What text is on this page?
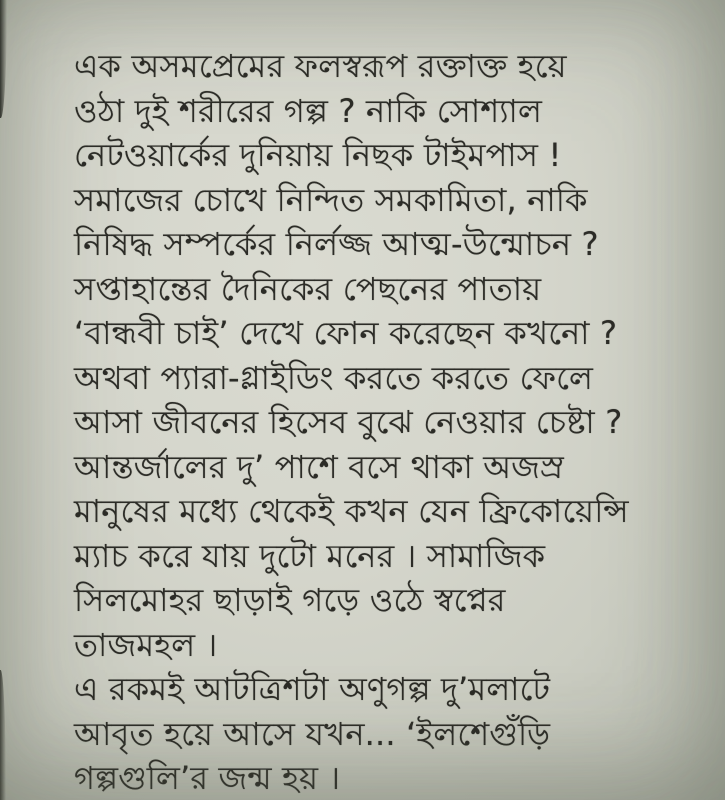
এক অসমপ্রেমের ফলস্বরূপ রক্তাক্ত হয়ে
ওঠা দুই শরীরের গল্প ? নাকি সোশ্যাল
নেটওয়ার্কের দুনিয়ায় নিছক টাইমপাস !
সমাজের চোখে নিন্দিত সমকামিতা, নাকি
নিষিদ্ধ সম্পর্কের নির্লজ্জ আত্ম-উন্মোচন ?
সপ্তাহান্তের দৈনিকের পেছনের পাতায়
‘বান্ধবী চাই’ দেখে ফোন করেছেন কখনো ?
অথবা প্যারা-গ্লাইডিং করতে করতে ফেলে
আসা জীবনের হিসেব বুঝে নেওয়ার চেষ্টা ?
আন্তর্জালের দু’ পাশে বসে থাকা অজস্র
মানুষের মধ্যে থেকেই কখন যেন ফ্রিকোয়েন্সি
ম্যাচ করে যায় দুটো মনের । সামাজিক
সিলমোহর ছাড়াই গড়ে ওঠে স্বপ্নের
তাজমহল ।
এ রকমই আটত্রিশটা অণুগল্প দু’মলাটে
আবৃত হয়ে আসে যখন... ‘ইলশেগুঁড়ি
গল্পগুলি’র জন্ম হয় ।
